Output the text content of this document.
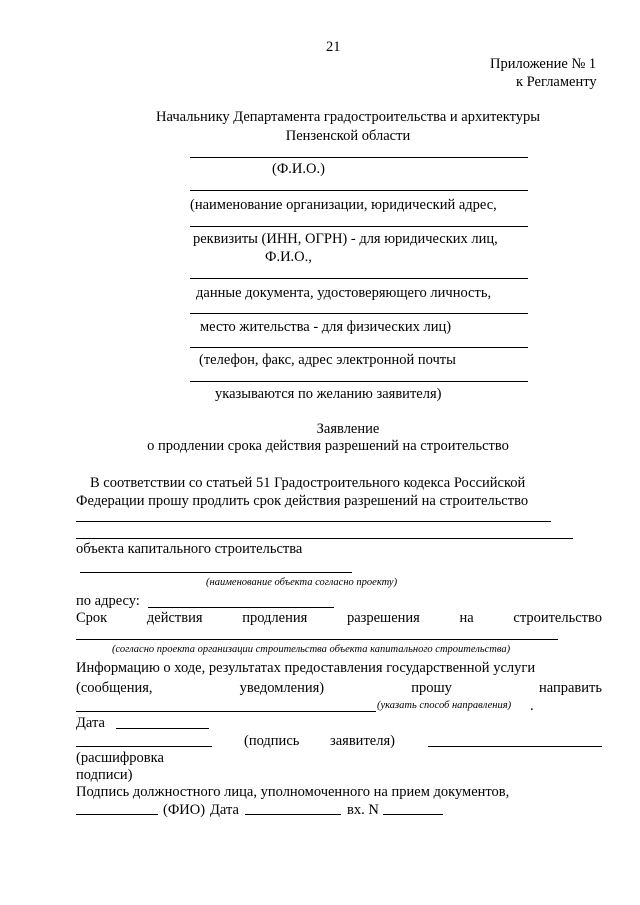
21
Приложение № 1
к Регламенту
Начальнику Департамента градостроительства и архитектуры
Пензенской области
(Ф.И.О.)
(наименование организации, юридический адрес,
реквизиты (ИНН, ОГРН) - для юридических лиц,
Ф.И.О.,
данные документа, удостоверяющего личность,
место жительства - для физических лиц)
(телефон, факс, адрес электронной почты
указываются по желанию заявителя)
Заявление
о продлении срока действия разрешений на строительство
В соответствии со статьей 51 Градостроительного кодекса Российской
Федерации прошу продлить срок действия разрешений на строительство
объекта капитального строительства
(наименование объекта согласно проекту)
по адресу:
Срок	действия	продления	разрешения	на	строительство
(согласно проекта организации строительства объекта капитального строительства)
Информацию о ходе, результатах предоставления государственной услуги
(сообщения,	уведомления)	прошу	направить
(указать способ направления) .
Дата
(подпись заявителя)
(расшифровка
подписи)
Подпись должностного лица, уполномоченного на прием документов,
(ФИО) Дата	вх. N
